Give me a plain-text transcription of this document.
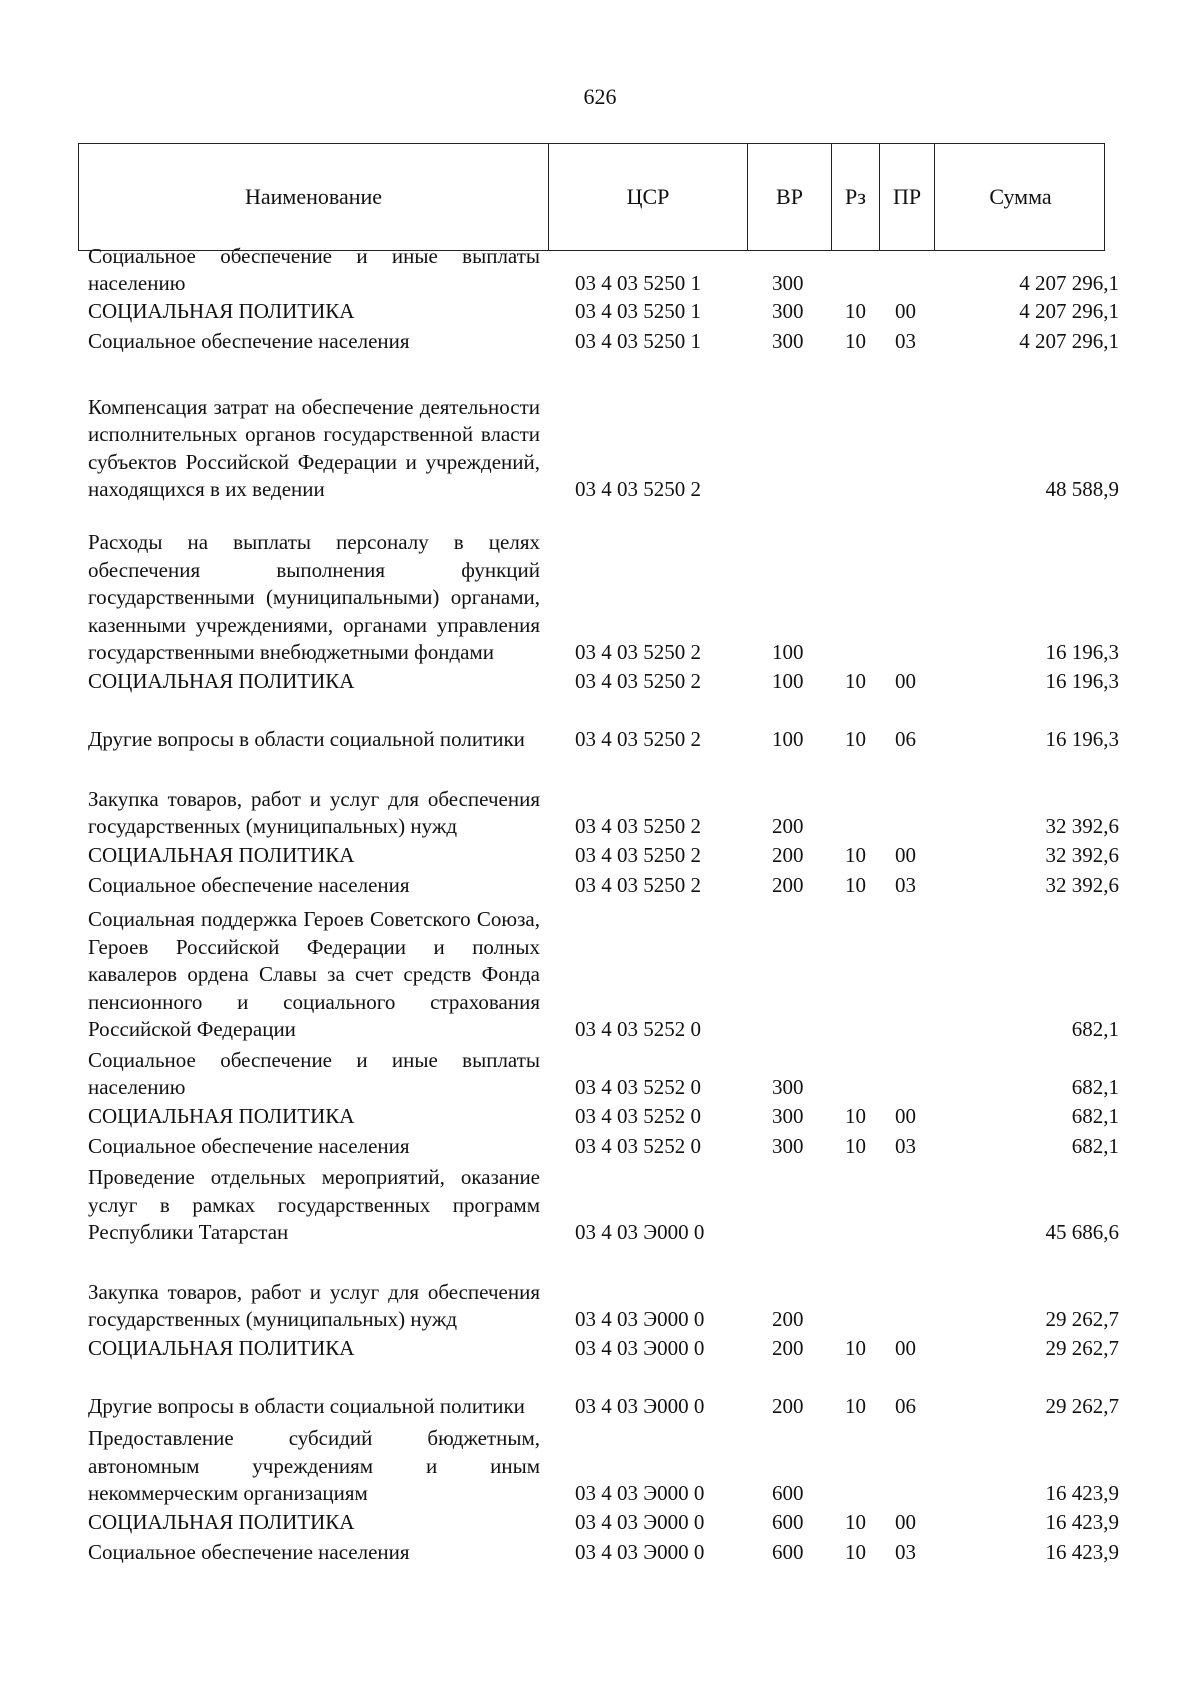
626
Наименование	ЦСР	ВР	Рз	ПР	Сумма
Социальное обеспечение и иные выплаты населению	03 4 03 5250 1	300	4 207 296,1
СОЦИАЛЬНАЯ ПОЛИТИКА	03 4 03 5250 1	300 10 00	4 207 296,1
Социальное обеспечение населения	03 4 03 5250 1	300 10 03	4 207 296,1
Компенсация затрат на обеспечение деятельности исполнительных органов государственной власти субъектов Российской Федерации и учреждений, находящихся в их ведении	03 4 03 5250 2	48 588,9
Расходы на выплаты персоналу в целях обеспечения выполнения функций государственными (муниципальными) органами, казенными учреждениями, органами управления государственными внебюджетными фондами	03 4 03 5250 2	100	16 196,3
СОЦИАЛЬНАЯ ПОЛИТИКА	03 4 03 5250 2	100 10 00	16 196,3
Другие вопросы в области социальной политики	03 4 03 5250 2	100 10 06	16 196,3
Закупка товаров, работ и услуг для обеспечения государственных (муниципальных) нужд	03 4 03 5250 2	200	32 392,6
СОЦИАЛЬНАЯ ПОЛИТИКА	03 4 03 5250 2	200 10 00	32 392,6
Социальное обеспечение населения	03 4 03 5250 2	200 10 03	32 392,6
Социальная поддержка Героев Советского Союза, Героев Российской Федерации и полных кавалеров ордена Славы за счет средств Фонда пенсионного и социального страхования Российской Федерации	03 4 03 5252 0	682,1
Социальное обеспечение и иные выплаты населению	03 4 03 5252 0	300	682,1
СОЦИАЛЬНАЯ ПОЛИТИКА	03 4 03 5252 0	300 10 00	682,1
Социальное обеспечение населения	03 4 03 5252 0	300 10 03	682,1
Проведение отдельных мероприятий, оказание услуг в рамках государственных программ Республики Татарстан	03 4 03 Э000 0	45 686,6
Закупка товаров, работ и услуг для обеспечения государственных (муниципальных) нужд	03 4 03 Э000 0	200	29 262,7
СОЦИАЛЬНАЯ ПОЛИТИКА	03 4 03 Э000 0	200 10 00	29 262,7
Другие вопросы в области социальной политики	03 4 03 Э000 0	200 10 06	29 262,7
Предоставление субсидий бюджетным, автономным учреждениям и иным некоммерческим организациям	03 4 03 Э000 0	600	16 423,9
СОЦИАЛЬНАЯ ПОЛИТИКА	03 4 03 Э000 0	600 10 00	16 423,9
Социальное обеспечение населения	03 4 03 Э000 0	600 10 03	16 423,9
